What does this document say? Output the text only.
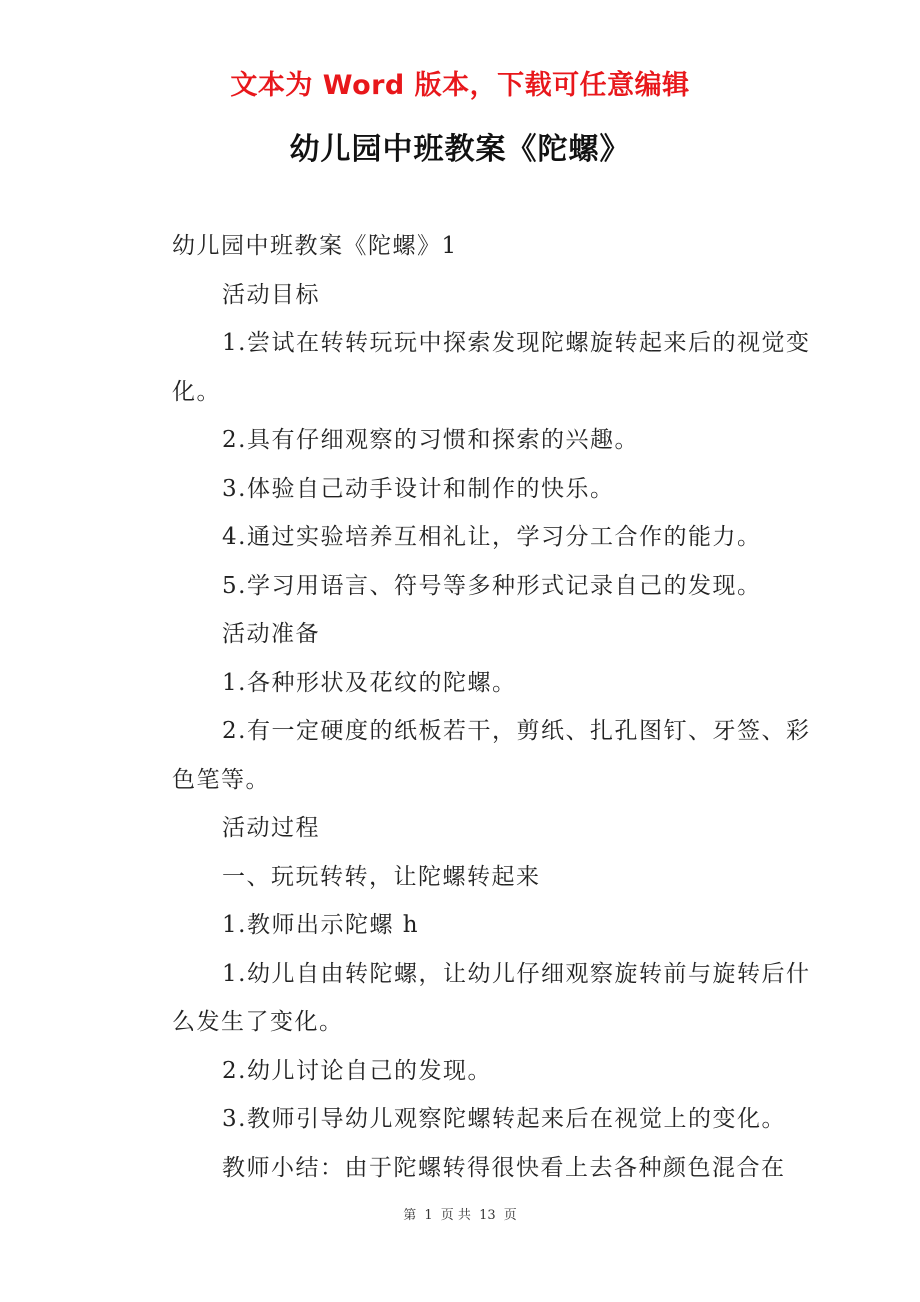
文本为 Word 版本，下载可任意编辑
幼儿园中班教案《陀螺》

幼儿园中班教案《陀螺》1

活动目标

1.尝试在转转玩玩中探索发现陀螺旋转起来后的视觉变化。

2.具有仔细观察的习惯和探索的兴趣。

3.体验自己动手设计和制作的快乐。

4.通过实验培养互相礼让，学习分工合作的能力。

5.学习用语言、符号等多种形式记录自己的发现。

活动准备

1.各种形状及花纹的陀螺。

2.有一定硬度的纸板若干，剪纸、扎孔图钉、牙签、彩色笔等。

活动过程

一、玩玩转转，让陀螺转起来

1.教师出示陀螺 h

1.幼儿自由转陀螺，让幼儿仔细观察旋转前与旋转后什么发生了变化。

2.幼儿讨论自己的发现。

3.教师引导幼儿观察陀螺转起来后在视觉上的变化。

教师小结：由于陀螺转得很快看上去各种颜色混合在

第 1 页 共 13 页
